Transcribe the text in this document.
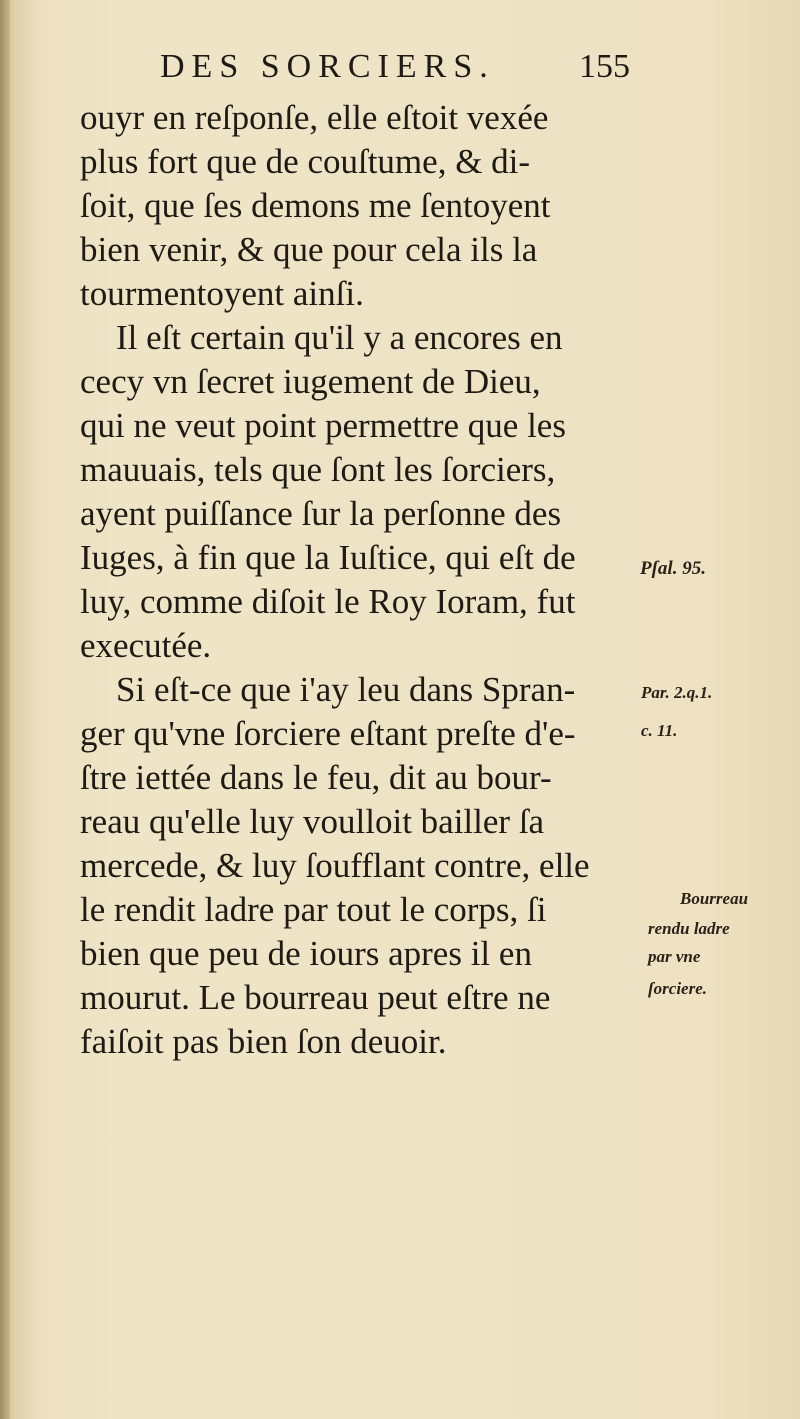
DES SORCIERS. 155
ouyr en reſponſe, elle eſtoit vexée
plus fort que de couſtume, & di-
ſoit, que ſes demons me ſentoyent
bien venir, & que pour cela ils la
tourmentoyent ainſi.
Il eſt certain qu'il y a encores en
cecy vn ſecret iugement de Dieu,
qui ne veut point permettre que les
mauuais, tels que ſont les ſorciers,
ayent puiſſance ſur la perſonne des
Iuges, à fin que la Iuſtice, qui eſt de
luy, comme diſoit le Roy Ioram, fut
executée.
Si eſt-ce que i'ay leu dans Spran-
ger qu'vne ſorciere eſtant preſte d'e-
ſtre iettée dans le feu, dit au bour-
reau qu'elle luy voulloit bailler ſa
mercede, & luy ſoufflant contre, elle
le rendit ladre par tout le corps, ſi
bien que peu de iours apres il en
mourut. Le bourreau peut eſtre ne
faiſoit pas bien ſon deuoir.
Pſal. 95.
Par. 2.q.1.
c. 11.
Bourreau
rendu ladre
par vne
ſorciere.
